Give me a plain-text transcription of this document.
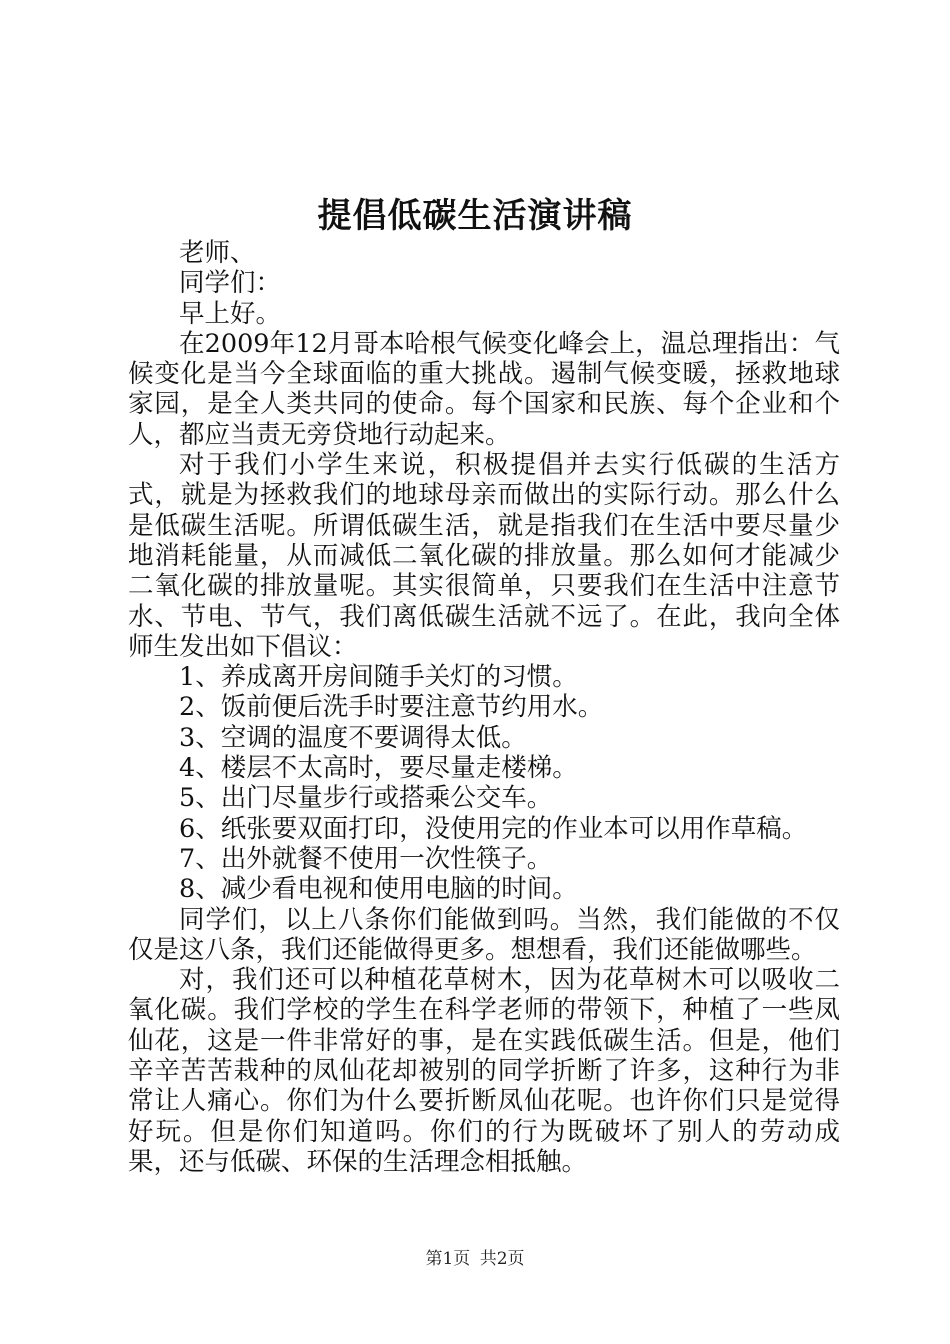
提倡低碳生活演讲稿

老师、

同学们：

早上好。

在2009年12月哥本哈根气候变化峰会上，温总理指出：气候变化是当今全球面临的重大挑战。遏制气候变暖，拯救地球家园，是全人类共同的使命。每个国家和民族、每个企业和个人，都应当责无旁贷地行动起来。

对于我们小学生来说，积极提倡并去实行低碳的生活方式，就是为拯救我们的地球母亲而做出的实际行动。那么什么是低碳生活呢。所谓低碳生活，就是指我们在生活中要尽量少地消耗能量，从而减低二氧化碳的排放量。那么如何才能减少二氧化碳的排放量呢。其实很简单，只要我们在生活中注意节水、节电、节气，我们离低碳生活就不远了。在此，我向全体师生发出如下倡议：

1、养成离开房间随手关灯的习惯。

2、饭前便后洗手时要注意节约用水。

3、空调的温度不要调得太低。

4、楼层不太高时，要尽量走楼梯。

5、出门尽量步行或搭乘公交车。

6、纸张要双面打印，没使用完的作业本可以用作草稿。

7、出外就餐不使用一次性筷子。

8、减少看电视和使用电脑的时间。

同学们，以上八条你们能做到吗。当然，我们能做的不仅仅是这八条，我们还能做得更多。想想看，我们还能做哪些。

对，我们还可以种植花草树木，因为花草树木可以吸收二氧化碳。我们学校的学生在科学老师的带领下，种植了一些凤仙花，这是一件非常好的事，是在实践低碳生活。但是，他们辛辛苦苦栽种的凤仙花却被别的同学折断了许多，这种行为非常让人痛心。你们为什么要折断凤仙花呢。也许你们只是觉得好玩。但是你们知道吗。你们的行为既破坏了别人的劳动成果，还与低碳、环保的生活理念相抵触。

第1页 共2页
